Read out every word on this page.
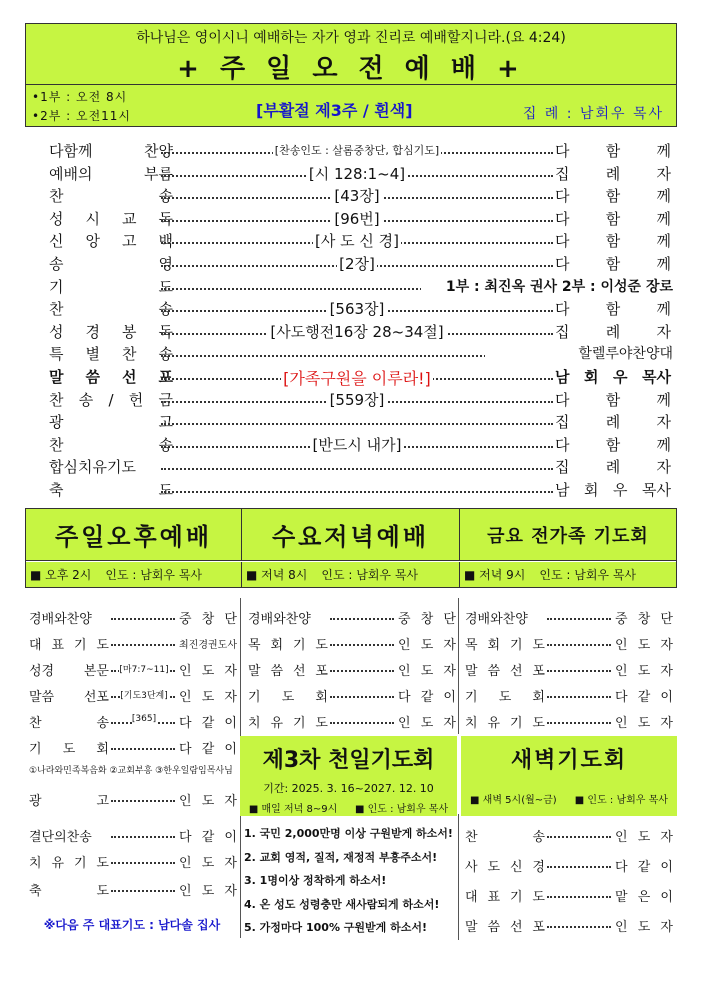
하나님은 영이시니 예배하는 자가 영과 진리로 예배할지니라.(요 4:24)
+ 주 일 오 전 예 배 +
•1부 : 오전 8시
•2부 : 오전11시	[부활절 제3주 / 흰색]	집 례 : 남회우 목사
다함께 찬양	[찬송인도 : 살롬중창단, 합심기도]	다 함 께
예배의 부름	[시 128:1~4]	집 례 자
찬 송	[43장]	다 함 께
성 시 교 독	[96번]	다 함 께
신 앙 고 백	[사 도 신 경]	다 함 께
송 영	[2장]	다 함 께
기 도	1부 : 최진옥 권사 2부 : 이성준 장로
찬 송	[563장]	다 함 께
성 경 봉 독	[사도행전16장 28~34절]	집 례 자
특 별 찬 송	할렐루야찬양대
말 씀 선 포	[가족구원을 이루라!]	남 회 우 목사
찬 송 / 헌 금	[559장]	다 함 께
광 고	집 례 자
찬 송	[반드시 내가]	다 함 께
합심치유기도	집 례 자
축 도	남 회 우 목사
주일오후예배	수요저녁예배	금요 전가족 기도회
■ 오후 2시 인도 : 남회우 목사	■ 저녁 8시 인도 : 남회우 목사	■ 저녁 9시 인도 : 남회우 목사
경배와찬양	중 창 단
대 표 기 도	최진경권도사
성경 본문	[마7:7~11] 인 도 자
말씀 선포	[기도3단계] 인 도 자
찬 송	[365]	다 같 이
기 도 회	다 같 이
광 고	인 도 자
결단의찬송	다 같 이
치 유 기 도	인 도 자
축 도	인 도 자
①나라와민족복음화 ②교회부흥 ③한우일람임목사님
※다음 주 대표기도 : 남다솔 집사
경배와찬양	중 창 단
목 회 기 도	인 도 자
말 씀 선 포	인 도 자
기 도 회	다 같 이
치 유 기 도	인 도 자
경배와찬양	중 창 단
목 회 기 도	인 도 자
말 씀 선 포	인 도 자
기 도 회	다 같 이
치 유 기 도	인 도 자
찬 송	인 도 자
사 도 신 경	다 같 이
대 표 기 도	맡 은 이
말 씀 선 포	인 도 자
제3차 천일기도회	새벽기도회
기간: 2025. 3. 16~2027. 12. 10
■ 매일 저녁 8~9시 ■ 인도 : 남회우 목사
■ 새벽 5시(월~금) ■ 인도 : 남회우 목사
1. 국민 2,000만명 이상 구원받게 하소서!
2. 교회 영적, 질적, 재정적 부흥주소서!
3. 1명이상 정착하게 하소서!
4. 온 성도 성령충만 새사람되게 하소서!
5. 가정마다 100% 구원받게 하소서!
